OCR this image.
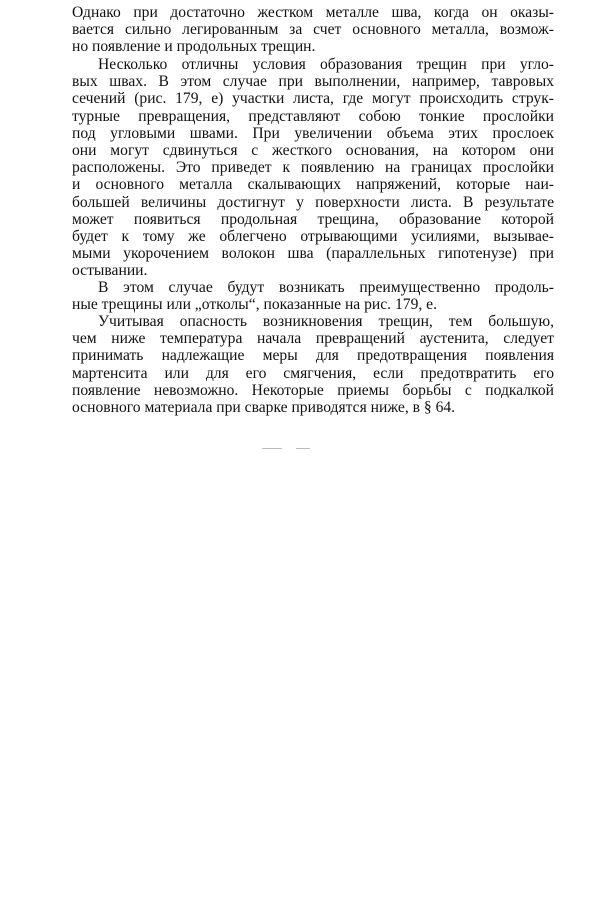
Однако при достаточно жестком металле шва, когда он оказы-
вается сильно легированным за счет основного металла, возмож-
но появление и продольных трещин.
Несколько отличны условия образования трещин при угло-
вых швах. В этом случае при выполнении, например, тавровых
сечений (рис. 179, е) участки листа, где могут происходить струк-
турные превращения, представляют собою тонкие прослойки
под угловыми швами. При увеличении объема этих прослоек
они могут сдвинуться с жесткого основания, на котором они
расположены. Это приведет к появлению на границах прослойки
и основного металла скалывающих напряжений, которые наи-
большей величины достигнут у поверхности листа. В результате
может появиться продольная трещина, образование которой
будет к тому же облегчено отрывающими усилиями, вызывае-
мыми укорочением волокон шва (параллельных гипотенузе) при
остывании.
В этом случае будут возникать преимущественно продоль-
ные трещины или „отколы“, показанные на рис. 179, е.
Учитывая опасность возникновения трещин, тем большую,
чем ниже температура начала превращений аустенита, следует
принимать надлежащие меры для предотвращения появления
мартенсита или для его смягчения, если предотвратить его
появление невозможно. Некоторые приемы борьбы с подкалкой
основного материала при сварке приводятся ниже, в § 64.
